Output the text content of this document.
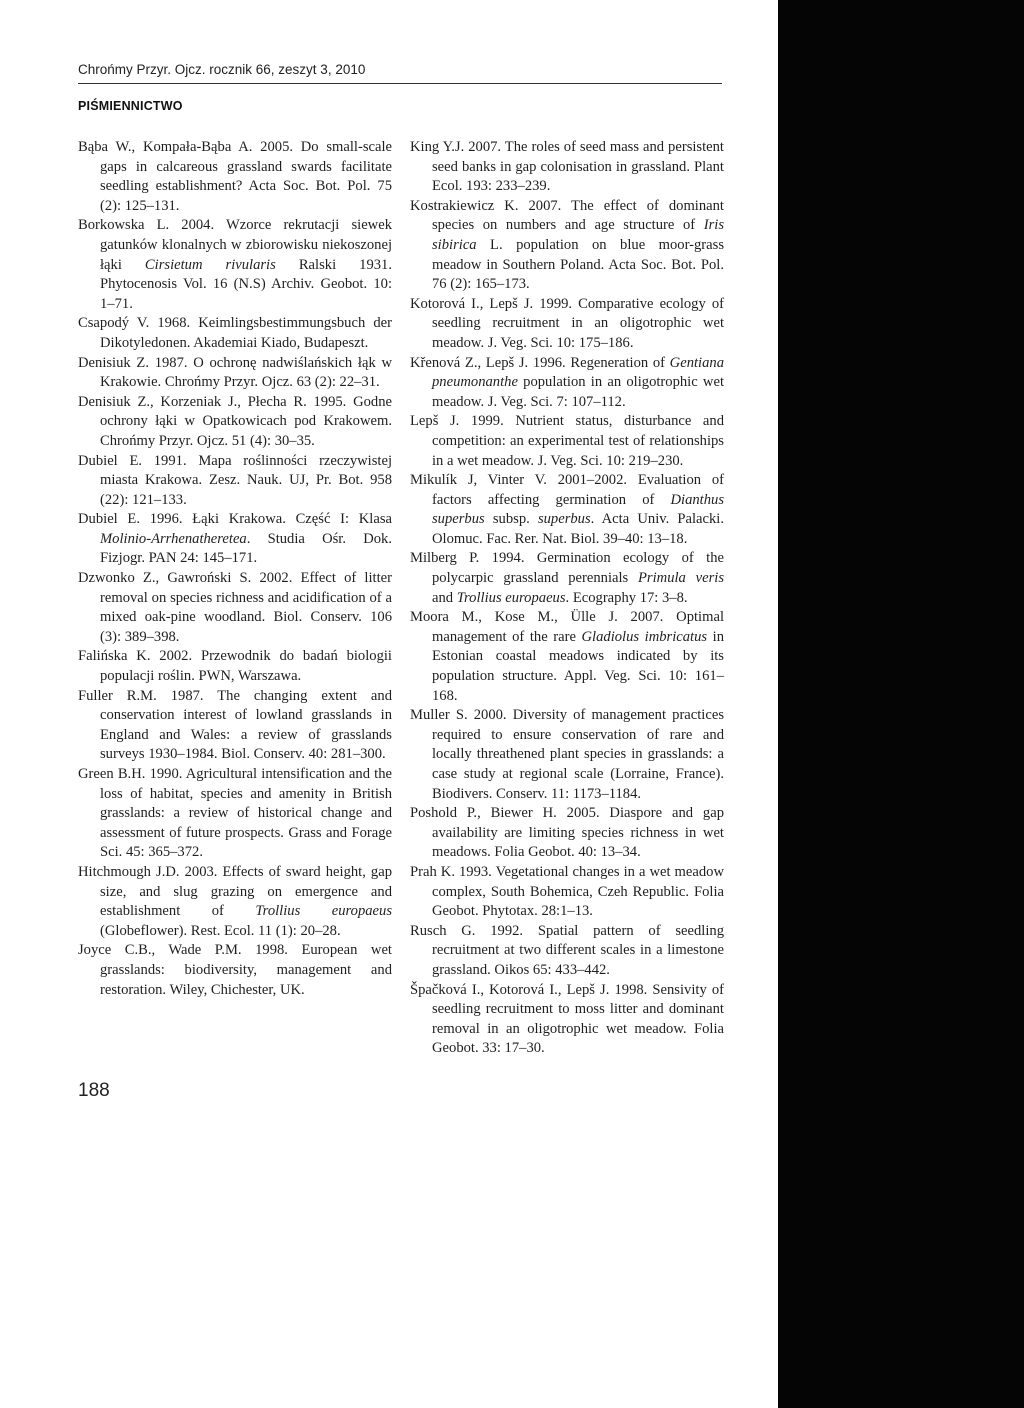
Chrońmy Przyr. Ojcz. rocznik 66, zeszyt 3, 2010
PIŚMIENNICTWO

Bąba W., Kompała-Bąba A. 2005. Do small-scale gaps in calcareous grassland swards facilitate seedling establishment? Acta Soc. Bot. Pol. 75 (2): 125–131.

Borkowska L. 2004. Wzorce rekrutacji siewek gatunków klonalnych w zbiorowisku niekoszonej łąki Cirsietum rivularis Ralski 1931. Phytocenosis Vol. 16 (N.S) Archiv. Geobot. 10: 1–71.

Csapodý V. 1968. Keimlingsbestimmungsbuch der Dikotyledonen. Akademiai Kiado, Budapeszt.

Denisiuk Z. 1987. O ochronę nadwiślańskich łąk w Krakowie. Chrońmy Przyr. Ojcz. 63 (2): 22–31.

Denisiuk Z., Korzeniak J., Płecha R. 1995. Godne ochrony łąki w Opatkowicach pod Krakowem. Chrońmy Przyr. Ojcz. 51 (4): 30–35.

Dubiel E. 1991. Mapa roślinności rzeczywistej miasta Krakowa. Zesz. Nauk. UJ, Pr. Bot. 958 (22): 121–133.

Dubiel E. 1996. Łąki Krakowa. Część I: Klasa Molinio-Arrhenatheretea. Studia Ośr. Dok. Fizjogr. PAN 24: 145–171.

Dzwonko Z., Gawroński S. 2002. Effect of litter removal on species richness and acidification of a mixed oak-pine woodland. Biol. Conserv. 106 (3): 389–398.

Falińska K. 2002. Przewodnik do badań biologii populacji roślin. PWN, Warszawa.

Fuller R.M. 1987. The changing extent and conservation interest of lowland grasslands in England and Wales: a review of grasslands surveys 1930–1984. Biol. Conserv. 40: 281–300.

Green B.H. 1990. Agricultural intensification and the loss of habitat, species and amenity in British grasslands: a review of historical change and assessment of future prospects. Grass and Forage Sci. 45: 365–372.

Hitchmough J.D. 2003. Effects of sward height, gap size, and slug grazing on emergence and establishment of Trollius europaeus (Globeflower). Rest. Ecol. 11 (1): 20–28.

Joyce C.B., Wade P.M. 1998. European wet grasslands: biodiversity, management and restoration. Wiley, Chichester, UK.

King Y.J. 2007. The roles of seed mass and persistent seed banks in gap colonisation in grassland. Plant Ecol. 193: 233–239.

Kostrakiewicz K. 2007. The effect of dominant species on numbers and age structure of Iris sibirica L. population on blue moor-grass meadow in Southern Poland. Acta Soc. Bot. Pol. 76 (2): 165–173.

Kotorová I., Lepš J. 1999. Comparative ecology of seedling recruitment in an oligotrophic wet meadow. J. Veg. Sci. 10: 175–186.

Křenová Z., Lepš J. 1996. Regeneration of Gentiana pneumonanthe population in an oligotrophic wet meadow. J. Veg. Sci. 7: 107–112.

Lepš J. 1999. Nutrient status, disturbance and competition: an experimental test of relationships in a wet meadow. J. Veg. Sci. 10: 219–230.

Mikulík J, Vinter V. 2001–2002. Evaluation of factors affecting germination of Dianthus superbus subsp. superbus. Acta Univ. Palacki. Olomuc. Fac. Rer. Nat. Biol. 39–40: 13–18.

Milberg P. 1994. Germination ecology of the polycarpic grassland perennials Primula veris and Trollius europaeus. Ecography 17: 3–8.

Moora M., Kose M., Ülle J. 2007. Optimal management of the rare Gladiolus imbricatus in Estonian coastal meadows indicated by its population structure. Appl. Veg. Sci. 10: 161–168.

Muller S. 2000. Diversity of management practices required to ensure conservation of rare and locally threathened plant species in grasslands: a case study at regional scale (Lorraine, France). Biodivers. Conserv. 11: 1173–1184.

Poshold P., Biewer H. 2005. Diaspore and gap availability are limiting species richness in wet meadows. Folia Geobot. 40: 13–34.

Prah K. 1993. Vegetational changes in a wet meadow complex, South Bohemica, Czeh Republic. Folia Geobot. Phytotax. 28:1–13.

Rusch G. 1992. Spatial pattern of seedling recruitment at two different scales in a limestone grassland. Oikos 65: 433–442.

Špačková I., Kotorová I., Lepš J. 1998. Sensivity of seedling recruitment to moss litter and dominant removal in an oligotrophic wet meadow. Folia Geobot. 33: 17–30.

188
